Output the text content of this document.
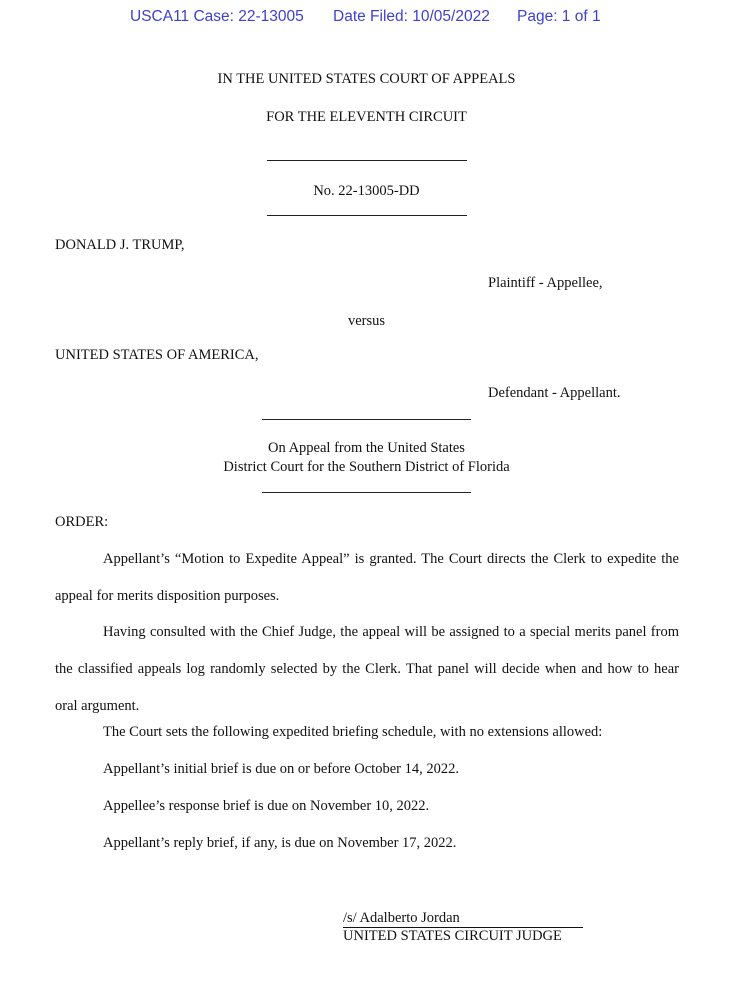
USCA11 Case: 22-13005 Date Filed: 10/05/2022 Page: 1 of 1
IN THE UNITED STATES COURT OF APPEALS
FOR THE ELEVENTH CIRCUIT
No. 22-13005-DD
DONALD J. TRUMP,
Plaintiff - Appellee,
versus
UNITED STATES OF AMERICA,
Defendant - Appellant.
On Appeal from the United States
District Court for the Southern District of Florida
ORDER:
Appellant’s “Motion to Expedite Appeal” is granted. The Court directs the Clerk to expedite the appeal for merits disposition purposes.
Having consulted with the Chief Judge, the appeal will be assigned to a special merits panel from the classified appeals log randomly selected by the Clerk. That panel will decide when and how to hear oral argument.
The Court sets the following expedited briefing schedule, with no extensions allowed:
Appellant’s initial brief is due on or before October 14, 2022.
Appellee’s response brief is due on November 10, 2022.
Appellant’s reply brief, if any, is due on November 17, 2022.
/s/ Adalberto Jordan
UNITED STATES CIRCUIT JUDGE
